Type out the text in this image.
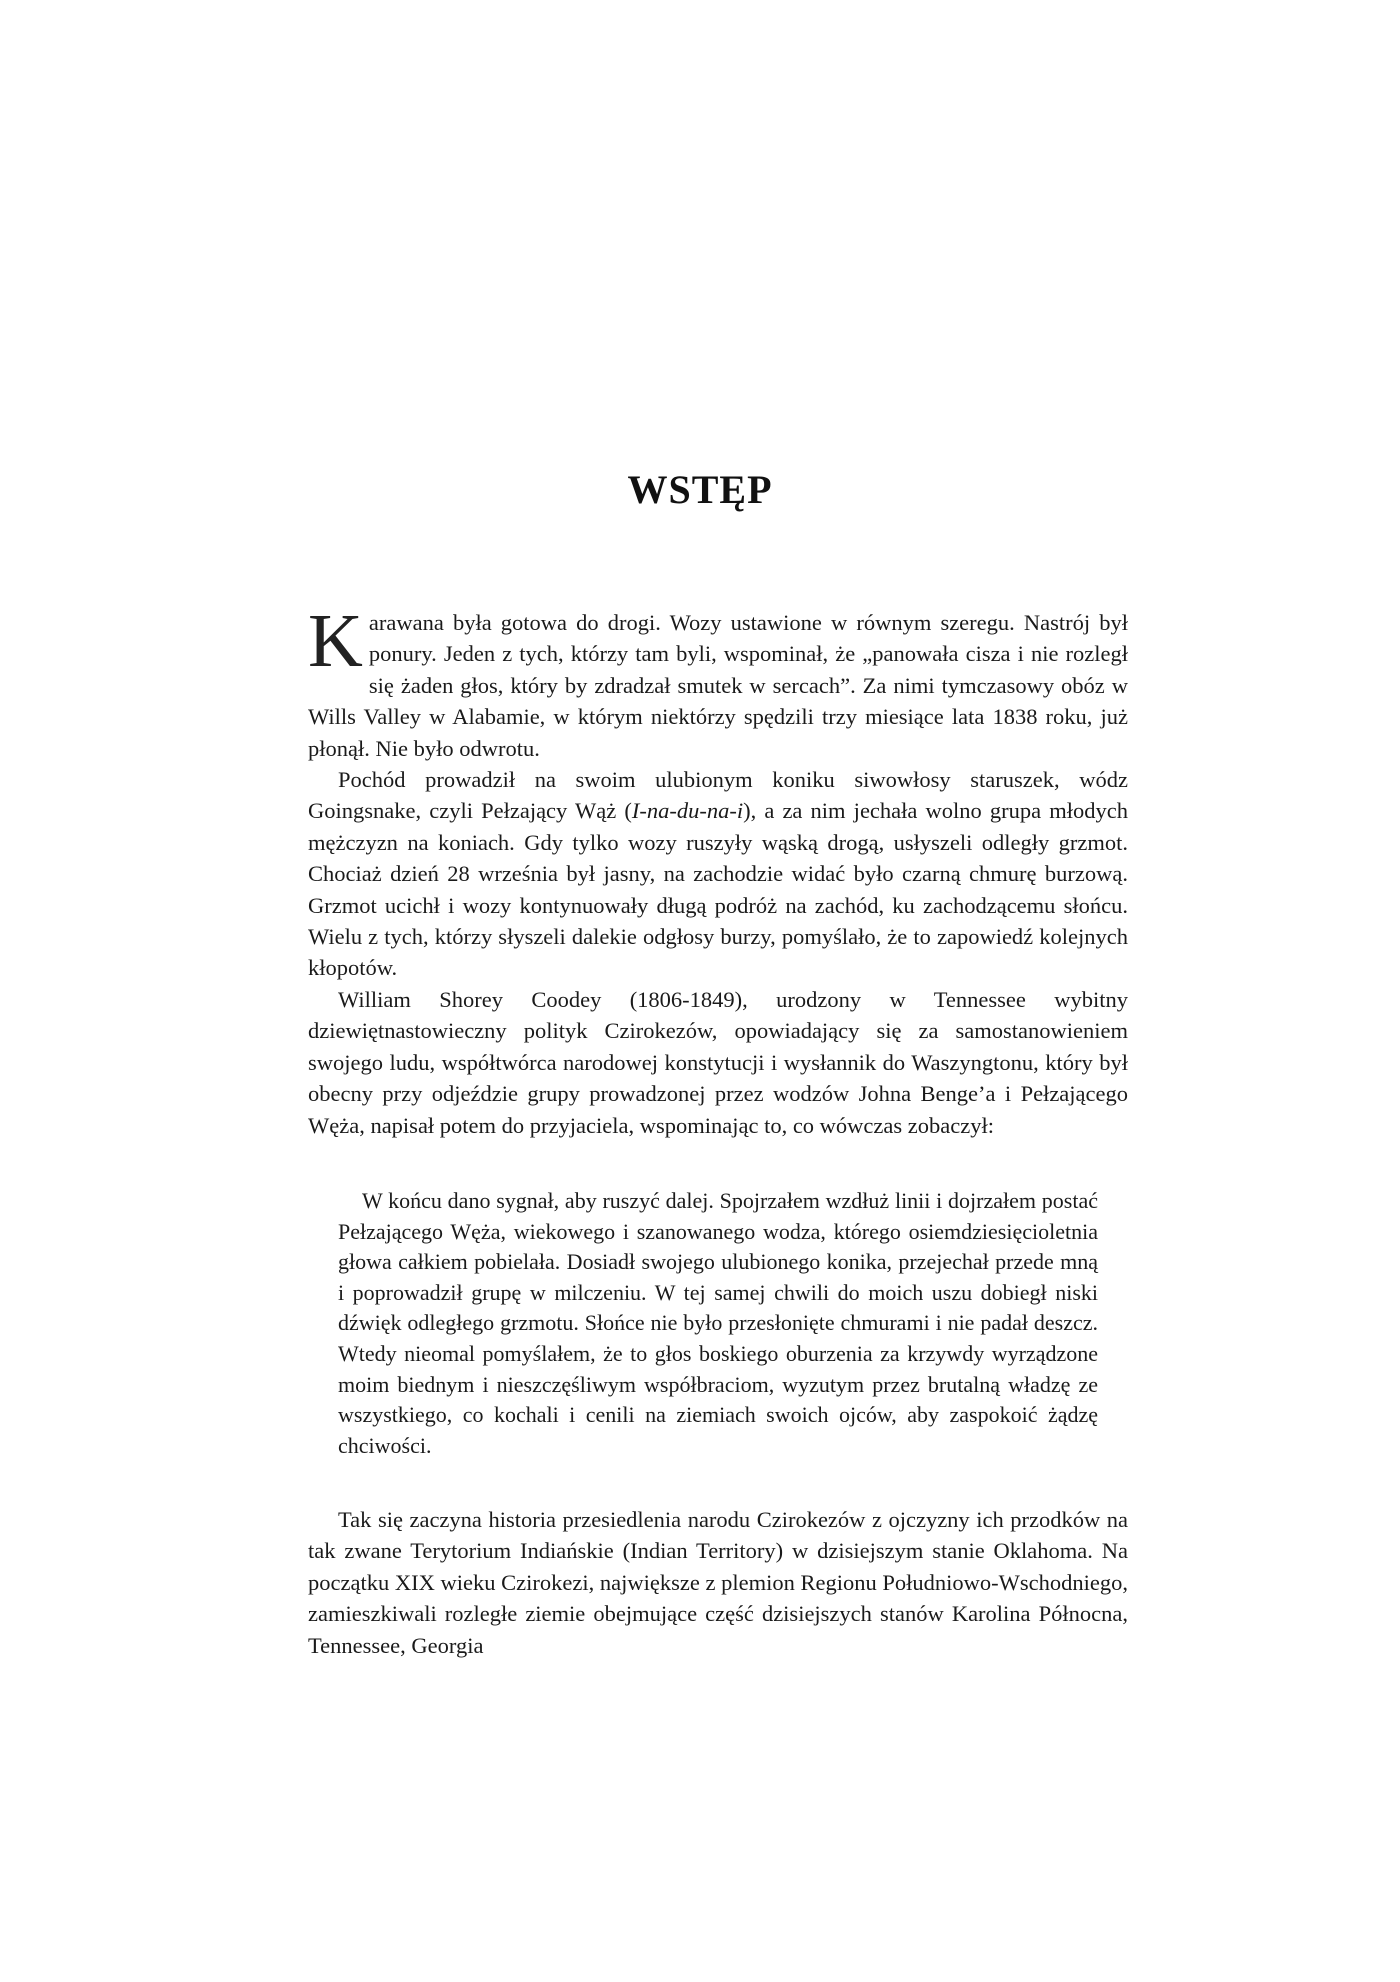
WSTĘP

Karawana była gotowa do drogi. Wozy ustawione w równym szeregu. Nastrój był ponury. Jeden z tych, którzy tam byli, wspominał, że „panowała cisza i nie rozległ się żaden głos, który by zdradzał smutek w sercach”. Za nimi tymczasowy obóz w Wills Valley w Alabamie, w którym niektórzy spędzili trzy miesiące lata 1838 roku, już płonął. Nie było odwrotu.

Pochód prowadził na swoim ulubionym koniku siwowłosy staruszek, wódz Goingsnake, czyli Pełzający Wąż (I-na-du-na-i), a za nim jechała wolno grupa młodych mężczyzn na koniach. Gdy tylko wozy ruszyły wąską drogą, usłyszeli odległy grzmot. Chociaż dzień 28 września był jasny, na zachodzie widać było czarną chmurę burzową. Grzmot ucichł i wozy kontynuowały długą podróż na zachód, ku zachodzącemu słońcu. Wielu z tych, którzy słyszeli dalekie odgłosy burzy, pomyślało, że to zapowiedź kolejnych kłopotów.

William Shorey Coodey (1806-1849), urodzony w Tennessee wybitny dziewiętnastowieczny polityk Czirokezów, opowiadający się za samostanowieniem swojego ludu, współtwórca narodowej konstytucji i wysłannik do Waszyngtonu, który był obecny przy odjeździe grupy prowadzonej przez wodzów Johna Benge’a i Pełzającego Węża, napisał potem do przyjaciela, wspominając to, co wówczas zobaczył:

W końcu dano sygnał, aby ruszyć dalej. Spojrzałem wzdłuż linii i dojrzałem postać Pełzającego Węża, wiekowego i szanowanego wodza, którego osiemdziesięcioletnia głowa całkiem pobielała. Dosiadł swojego ulubionego konika, przejechał przede mną i poprowadził grupę w milczeniu. W tej samej chwili do moich uszu dobiegł niski dźwięk odległego grzmotu. Słońce nie było przesłonięte chmurami i nie padał deszcz. Wtedy nieomal pomyślałem, że to głos boskiego oburzenia za krzywdy wyrządzone moim biednym i nieszczęśliwym współbraciom, wyzutym przez brutalną władzę ze wszystkiego, co kochali i cenili na ziemiach swoich ojców, aby zaspokoić żądzę chciwości.

Tak się zaczyna historia przesiedlenia narodu Czirokezów z ojczyzny ich przodków na tak zwane Terytorium Indiańskie (Indian Territory) w dzisiejszym stanie Oklahoma. Na początku XIX wieku Czirokezi, największe z plemion Regionu Południowo-Wschodniego, zamieszkiwali rozległe ziemie obejmujące część dzisiejszych stanów Karolina Północna, Tennessee, Georgia
